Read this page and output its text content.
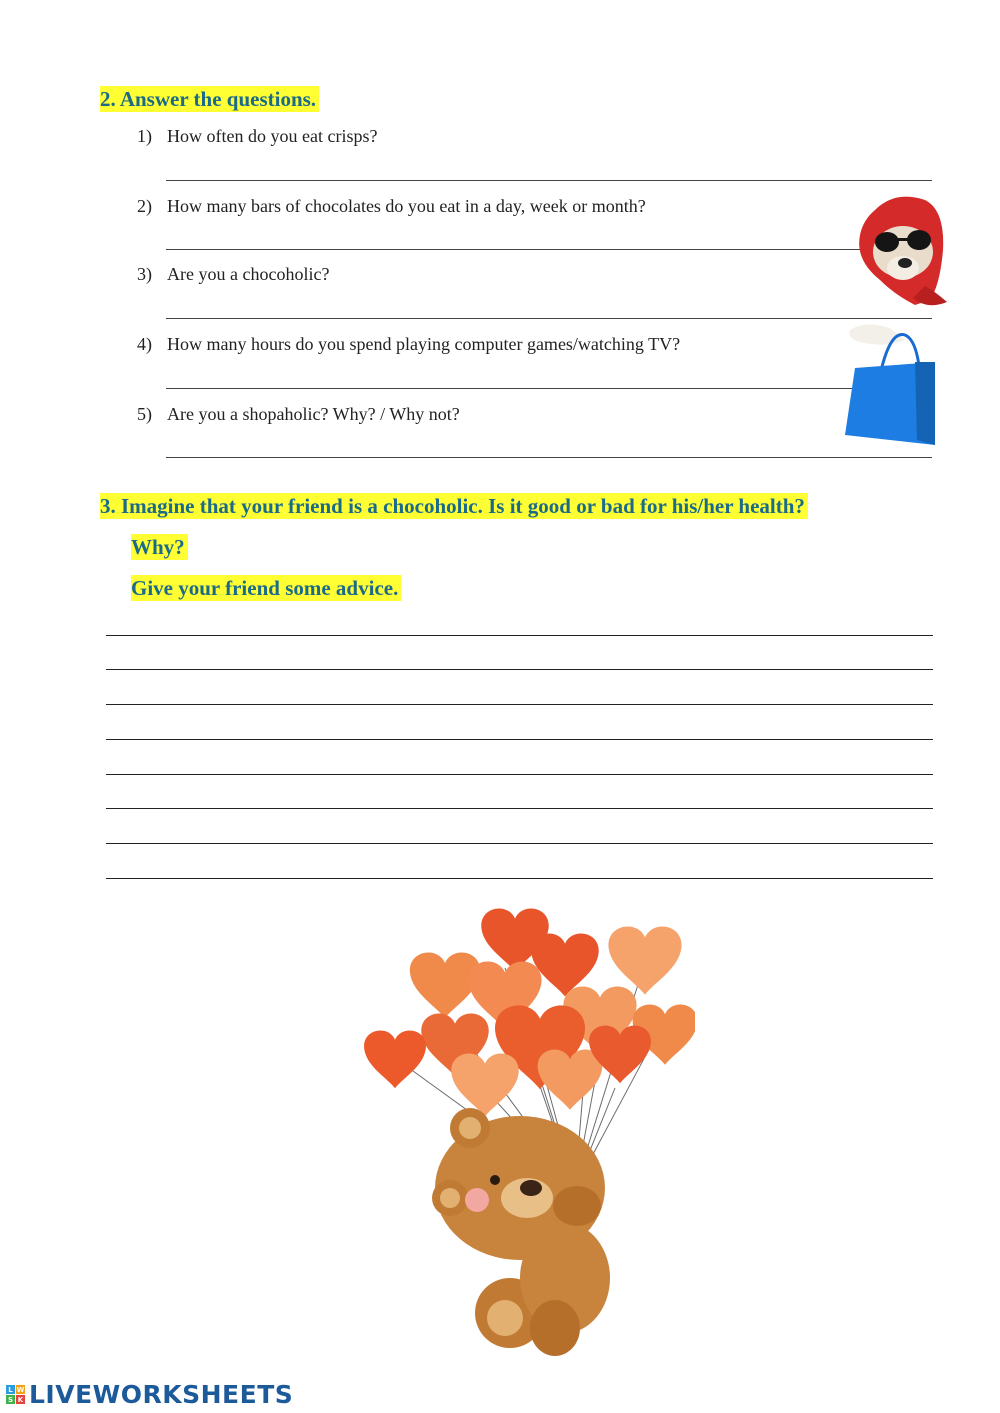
2. Answer the questions.
1) How often do you eat crisps?
2) How many bars of chocolates do you eat in a day, week or month?
3) Are you a chocoholic?
4) How many hours do you spend playing computer games/watching TV?
5) Are you a shopaholic? Why? / Why not?
3. Imagine that your friend is a chocoholic. Is it good or bad for his/her health?
Why?
Give your friend some advice.
L W
S K LIVEWORKSHEETS
